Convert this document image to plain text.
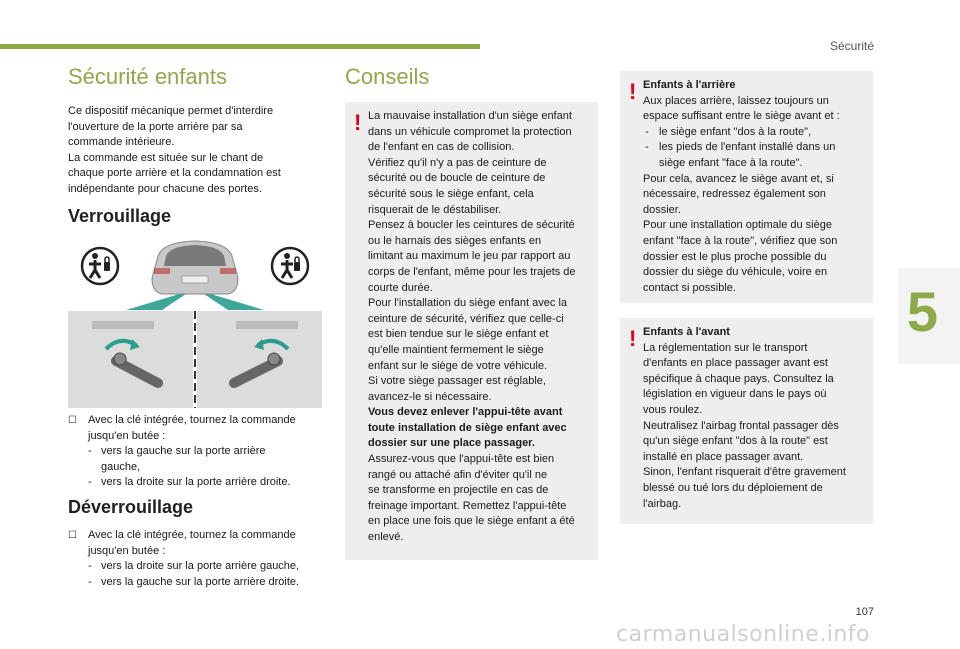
Sécurité
5
Sécurité enfants
Ce dispositif mécanique permet d'interdire
l'ouverture de la porte arrière par sa
commande intérieure.
La commande est située sur le chant de
chaque porte arrière et la condamnation est
indépendante pour chacune des portes.
Verrouillage
☐ Avec la clé intégrée, tournez la commande
jusqu'en butée :
- vers la gauche sur la porte arrière
gauche,
- vers la droite sur la porte arrière droite.
Déverrouillage
☐ Avec la clé intégrée, tournez la commande
jusqu'en butée :
- vers la droite sur la porte arrière gauche,
- vers la gauche sur la porte arrière droite.
Conseils
! La mauvaise installation d'un siège enfant
dans un véhicule compromet la protection
de l'enfant en cas de collision.
Vérifiez qu'il n'y a pas de ceinture de
sécurité ou de boucle de ceinture de
sécurité sous le siège enfant, cela
risquerait de le déstabiliser.
Pensez à boucler les ceintures de sécurité
ou le harnais des sièges enfants en
limitant au maximum le jeu par rapport au
corps de l'enfant, même pour les trajets de
courte durée.
Pour l'installation du siège enfant avec la
ceinture de sécurité, vérifiez que celle-ci
est bien tendue sur le siège enfant et
qu'elle maintient fermement le siège
enfant sur le siège de votre véhicule.
Si votre siège passager est réglable,
avancez-le si nécessaire.
Vous devez enlever l'appui-tête avant
toute installation de siège enfant avec
dossier sur une place passager.
Assurez-vous que l'appui-tête est bien
rangé ou attaché afin d'éviter qu'il ne
se transforme en projectile en cas de
freinage important. Remettez l'appui-tête
en place une fois que le siège enfant a été
enlevé.
! Enfants à l'arrière
Aux places arrière, laissez toujours un
espace suffisant entre le siège avant et :
- le siège enfant "dos à la route",
- les pieds de l'enfant installé dans un
siège enfant "face à la route".
Pour cela, avancez le siège avant et, si
nécessaire, redressez également son
dossier.
Pour une installation optimale du siège
enfant "face à la route", vérifiez que son
dossier est le plus proche possible du
dossier du siège du véhicule, voire en
contact si possible.
! Enfants à l'avant
La réglementation sur le transport
d'enfants en place passager avant est
spécifique à chaque pays. Consultez la
législation en vigueur dans le pays où
vous roulez.
Neutralisez l'airbag frontal passager dès
qu'un siège enfant "dos à la route" est
installé en place passager avant.
Sinon, l'enfant risquerait d'être gravement
blessé ou tué lors du déploiement de
l'airbag.
107
carmanualsonline.info
